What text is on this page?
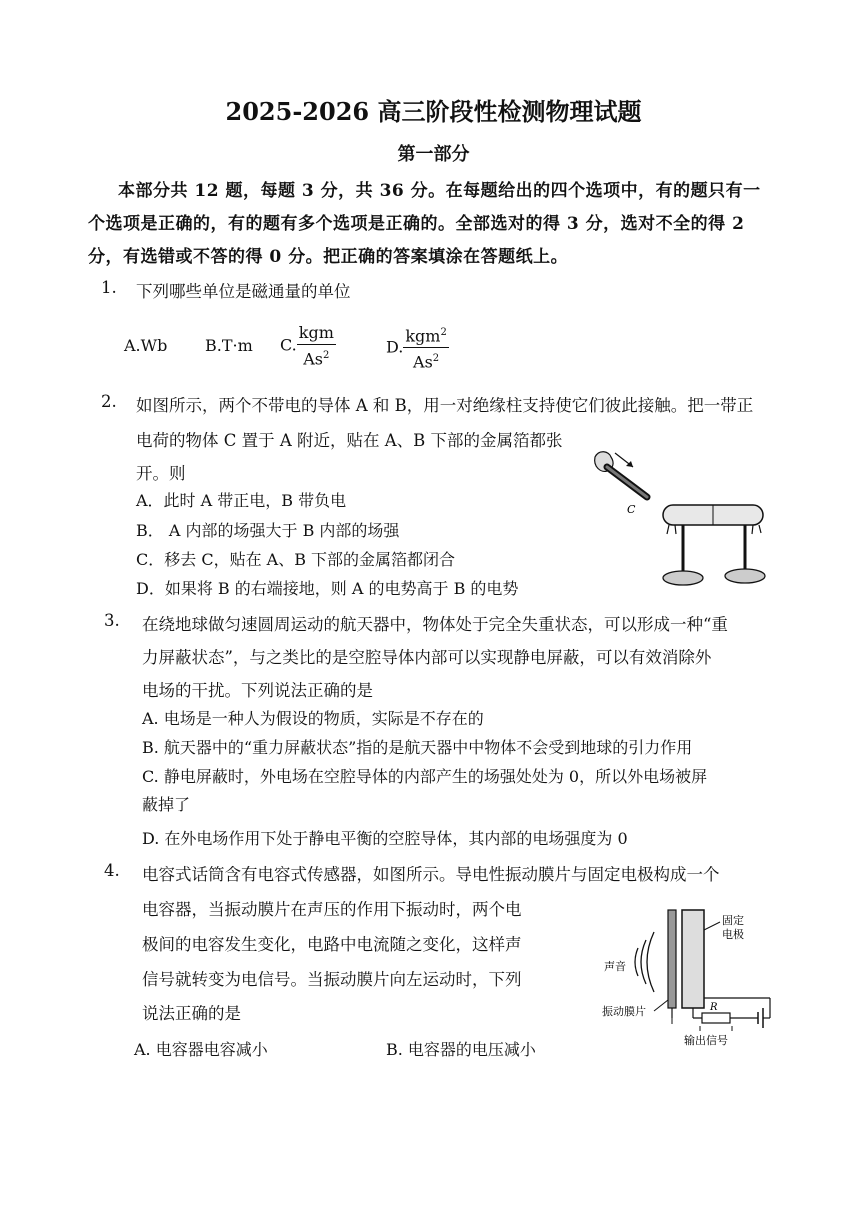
2025-2026 高三阶段性检测物理试题
第一部分
本部分共 12 题，每题 3 分，共 36 分。在每题给出的四个选项中，有的题只有一
个选项是正确的，有的题有多个选项是正确的。全部选对的得 3 分，选对不全的得 2
分，有选错或不答的得 0 分。把正确的答案填涂在答题纸上。
1. 下列哪些单位是磁通量的单位
A.Wb B.T·m C. $\frac{\text{kgm}}{As^2}$	D. $\frac{kgm^2}{As^2}$
2. 如图所示，两个不带电的导体 A 和 B，用一对绝缘柱支持使它们彼此接触。把一带正
电荷的物体 C 置于 A 附近，贴在 A、B 下部的金属箔都张
开。则
A．此时 A 带正电，B 带负电
B． A 内部的场强大于 B 内部的场强
C．移去 C，贴在 A、B 下部的金属箔都闭合
D．如果将 B 的右端接地，则 A 的电势高于 B 的电势
C
3. 在绕地球做匀速圆周运动的航天器中，物体处于完全失重状态，可以形成一种“重
力屏蔽状态”，与之类比的是空腔导体内部可以实现静电屏蔽，可以有效消除外
电场的干扰。下列说法正确的是
A. 电场是一种人为假设的物质，实际是不存在的
B. 航天器中的“重力屏蔽状态”指的是航天器中中物体不会受到地球的引力作用
C. 静电屏蔽时，外电场在空腔导体的内部产生的场强处处为 0，所以外电场被屏
蔽掉了
D. 在外电场作用下处于静电平衡的空腔导体，其内部的电场强度为 0
4. 电容式话筒含有电容式传感器，如图所示。导电性振动膜片与固定电极构成一个
电容器，当振动膜片在声压的作用下振动时，两个电
极间的电容发生变化，电路中电流随之变化，这样声
信号就转变为电信号。当振动膜片向左运动时，下列
说法正确的是
A. 电容器电容减小	B. 电容器的电压减小
声音
固定
电极
R
振动膜片
输出信号
